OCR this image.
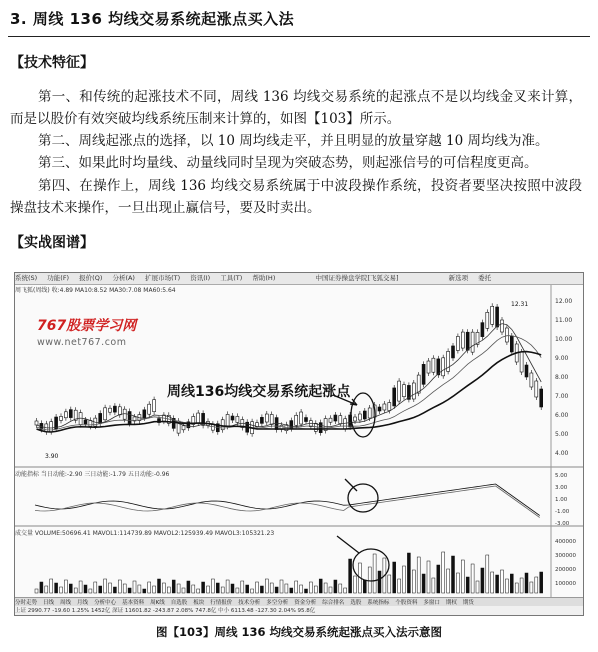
3. 周线 136 均线交易系统起涨点买入法
【技术特征】
第一、和传统的起涨技术不同，周线 136 均线交易系统的起涨点不是以均线金叉来计算，而是以股价有效突破均线系统压制来计算的，如图【103】所示。
第二、周线起涨点的选择，以 10 周均线走平，并且明显的放量穿越 10 周均线为准。
第三、如果此时均量线、动量线同时呈现为突破态势，则起涨信号的可信程度更高。
第四、在操作上，周线 136 均线交易系统属于中波段操作系统，投资者要坚决按照中波段操盘技术来操作，一旦出现止赢信号，要及时卖出。
【实战图谱】
系统(S) 功能(F) 报价(Q) 分析(A) 扩展市场(T) 资讯(I) 工具(T) 帮助(H)	中国证券操盘学院[飞狐交易]	新选项 委托
周飞狐(周线) 收:4.89 MA10:8.52 MA30:7.08 MA60:5.64
动能指标 当日动能:-2.90 三日动能:-1.79 五日动能:-0.96
成交量 VOLUME:50696.41 MAVOL1:114739.89 MAVOL2:125939.49 MAVOL3:105321.23
12.00
11.00
10.00
9.00
8.00
7.00
6.00
5.00
4.00
5.00
3.00
1.00
-1.00
-3.00
400000
300000
200000
100000
767股票学习网
www.net767.com
周线136均线交易系统起涨点
12.31
3.90
分时走势 日线 周线 月线 分析中心 基本资料 周K线 自选股 板块 行情报价 技术分析 多空分析 资金分析 综合排名 选股 系统指标 个股资料 多窗口 期权 期货
上证 2990.77 -19.60 1.25% 1452亿 深证 11601.82 -243.87 2.08% 747.8亿 中小 6113.48 -127.30 2.04% 95.8亿
图【103】周线 136 均线交易系统起涨点买入法示意图
